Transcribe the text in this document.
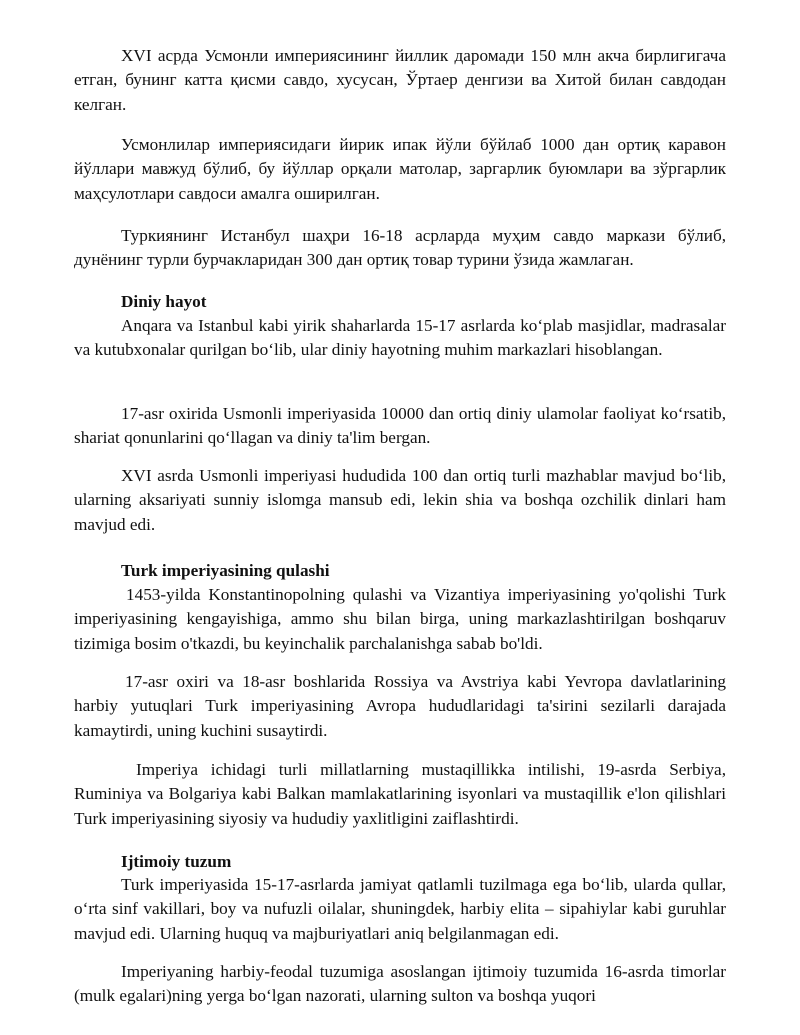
XVI асрда Усмонли империясининг йиллик даромади 150 млн акча бирлигигача етган, бунинг катта қисми савдо, хусусан, Ўртаер денгизи ва Хитой билан савдодан келган.

Усмонлилар империясидаги йирик ипак йўли бўйлаб 1000 дан ортиқ каравон йўллари мавжуд бўлиб, бу йўллар орқали матолар, заргарлик буюмлари ва зўргарлик маҳсулотлари савдоси амалга оширилган.

Туркиянинг Истанбул шаҳри 16-18 асрларда муҳим савдо маркази бўлиб, дунёнинг турли бурчакларидан 300 дан ортиқ товар турини ўзида жамлаган.

Diniy hayot

Anqara va Istanbul kabi yirik shaharlarda 15-17 asrlarda ko‘plab masjidlar, madrasalar va kutubxonalar qurilgan bo‘lib, ular diniy hayotning muhim markazlari hisoblangan.

17-asr oxirida Usmonli imperiyasida 10000 dan ortiq diniy ulamolar faoliyat ko‘rsatib, shariat qonunlarini qo‘llagan va diniy ta'lim bergan.

XVI asrda Usmonli imperiyasi hududida 100 dan ortiq turli mazhablar mavjud bo‘lib, ularning aksariyati sunniy islomga mansub edi, lekin shia va boshqa ozchilik dinlari ham mavjud edi.

Turk imperiyasining qulashi

1453-yilda Konstantinopolning qulashi va Vizantiya imperiyasining yo'qolishi Turk imperiyasining kengayishiga, ammo shu bilan birga, uning markazlashtirilgan boshqaruv tizimiga bosim o'tkazdi, bu keyinchalik parchalanishga sabab bo'ldi.

17-asr oxiri va 18-asr boshlarida Rossiya va Avstriya kabi Yevropa davlatlarining harbiy yutuqlari Turk imperiyasining Avropa hududlaridagi ta'sirini sezilarli darajada kamaytirdi, uning kuchini susaytirdi.

Imperiya ichidagi turli millatlarning mustaqillikka intilishi, 19-asrda Serbiya, Ruminiya va Bolgariya kabi Balkan mamlakatlarining isyonlari va mustaqillik e'lon qilishlari Turk imperiyasining siyosiy va hududiy yaxlitligini zaiflashtirdi.

Ijtimoiy tuzum

Turk imperiyasida 15-17-asrlarda jamiyat qatlamli tuzilmaga ega bo‘lib, ularda qullar, o‘rta sinf vakillari, boy va nufuzli oilalar, shuningdek, harbiy elita – sipahiylar kabi guruhlar mavjud edi. Ularning huquq va majburiyatlari aniq belgilanmagan edi.

Imperiyaning harbiy-feodal tuzumiga asoslangan ijtimoiy tuzumida 16-asrda timorlar (mulk egalari)ning yerga bo‘lgan nazorati, ularning sulton va boshqa yuqori
